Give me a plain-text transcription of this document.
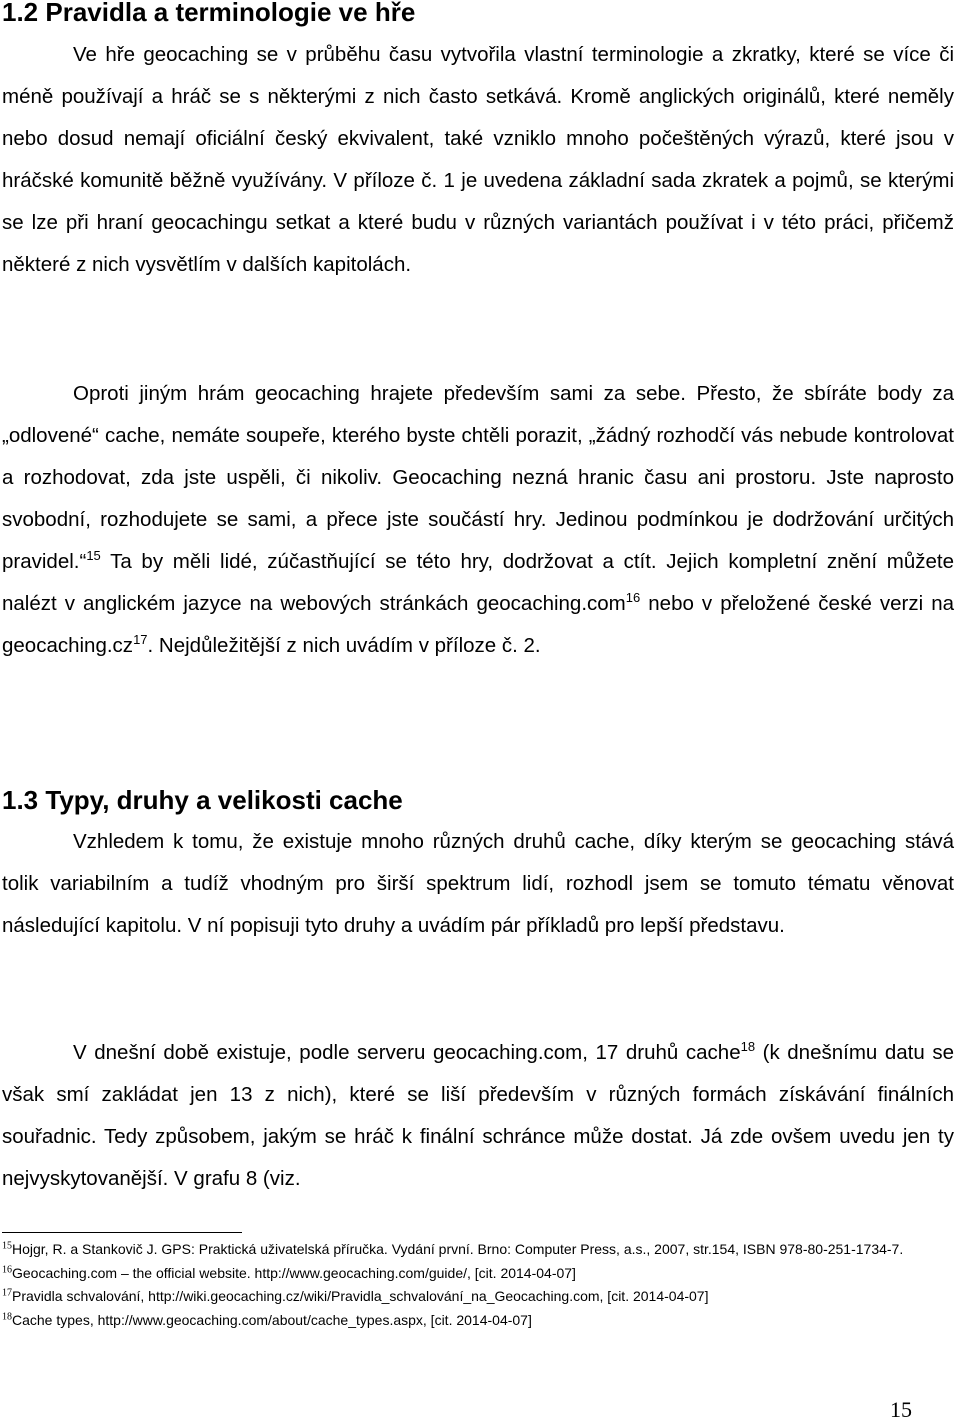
1.2 Pravidla a terminologie ve hře

Ve hře geocaching se v průběhu času vytvořila vlastní terminologie a zkratky, které se více či méně používají a hráč se s některými z nich často setkává. Kromě anglických originálů, které neměly nebo dosud nemají oficiální český ekvivalent, také vzniklo mnoho počeštěných výrazů, které jsou v hráčské komunitě běžně využívány. V příloze č. 1 je uvedena základní sada zkratek a pojmů, se kterými se lze při hraní geocachingu setkat a které budu v různých variantách používat i v této práci, přičemž některé z nich vysvětlím v dalších kapitolách.

Oproti jiným hrám geocaching hrajete především sami za sebe. Přesto, že sbíráte body za „odlovené“ cache, nemáte soupeře, kterého byste chtěli porazit, „žádný rozhodčí vás nebude kontrolovat a rozhodovat, zda jste uspěli, či nikoliv. Geocaching nezná hranic času ani prostoru. Jste naprosto svobodní, rozhodujete se sami, a přece jste součástí hry. Jedinou podmínkou je dodržování určitých pravidel.“$^{15}$ Ta by měli lidé, zúčastňující se této hry, dodržovat a ctít. Jejich kompletní znění můžete nalézt v anglickém jazyce na webových stránkách geocaching.com$^{16}$ nebo v přeložené české verzi na $geocaching.cz^{17}$. Nejdůležitější z nich uvádím v příloze č. 2.

1.3 Typy, druhy a velikosti cache

Vzhledem k tomu, že existuje mnoho různých druhů cache, díky kterým se geocaching stává tolik variabilním a tudíž vhodným pro širší spektrum lidí, rozhodl jsem se tomuto tématu věnovat následující kapitolu. V ní popisuji tyto druhy a uvádím pár příkladů pro lepší představu.

V dnešní době existuje, podle serveru geocaching.com, 17 druhů cache$^{18}$ (k dnešnímu datu se však smí zakládat jen 13 z nich), které se liší především v různých formách získávání finálních souřadnic. Tedy způsobem, jakým se hráč k finální schránce může dostat. Já zde ovšem uvedu jen ty nejvyskytovanější. V grafu 8 (viz.

$^{15}$Hojgr, R. a Stankovič J. GPS: Praktická uživatelská příručka. Vydání první. Brno: Computer Press, a.s., 2007, str.154, ISBN 978-80-251-1734-7.

$^{16}$Geocaching.com – the official website. http://www.geocaching.com/guide/, [cit. 2014-04-07]

$^{17}$Pravidla schvalování, http://wiki.geocaching.cz/wiki/Pravidla_schvalování_na_Geocaching.com, [cit. 2014-04-07]

$^{18}$Cache types, http://www.geocaching.com/about/cache_types.aspx, [cit. 2014-04-07]

15
